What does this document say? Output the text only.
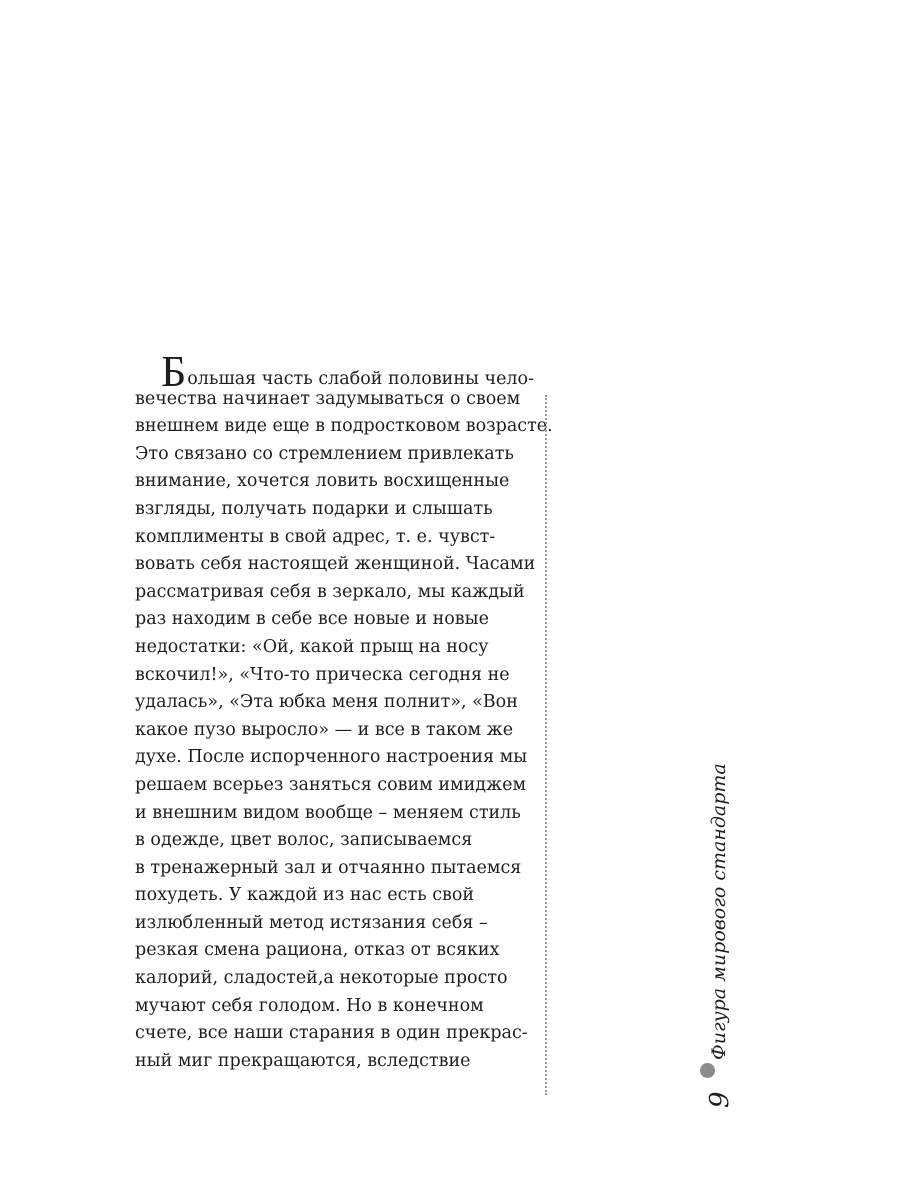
Большая часть слабой половины чело-
вечества начинает задумываться о своем
внешнем виде еще в подростковом возрасте.
Это связано со стремлением привлекать
внимание, хочется ловить восхищенные
взгляды, получать подарки и слышать
комплименты в свой адрес, т. е. чувст-
вовать себя настоящей женщиной. Часами
рассматривая себя в зеркало, мы каждый
раз находим в себе все новые и новые
недостатки: «Ой, какой прыщ на носу
вскочил!», «Что-то прическа сегодня не
удалась», «Эта юбка меня полнит», «Вон
какое пузо выросло» — и все в таком же
духе. После испорченного настроения мы
решаем всерьез заняться совим имиджем
и внешним видом вообще – меняем стиль
в одежде, цвет волос, записываемся
в тренажерный зал и отчаянно пытаемся
похудеть. У каждой из нас есть свой
излюбленный метод истязания себя –
резкая смена рациона, отказ от всяких
калорий, сладостей,а некоторые просто
мучают себя голодом. Но в конечном
счете, все наши старания в один прекрас-
ный миг прекращаются, вследствие
Фигура мирового стандарта
9
